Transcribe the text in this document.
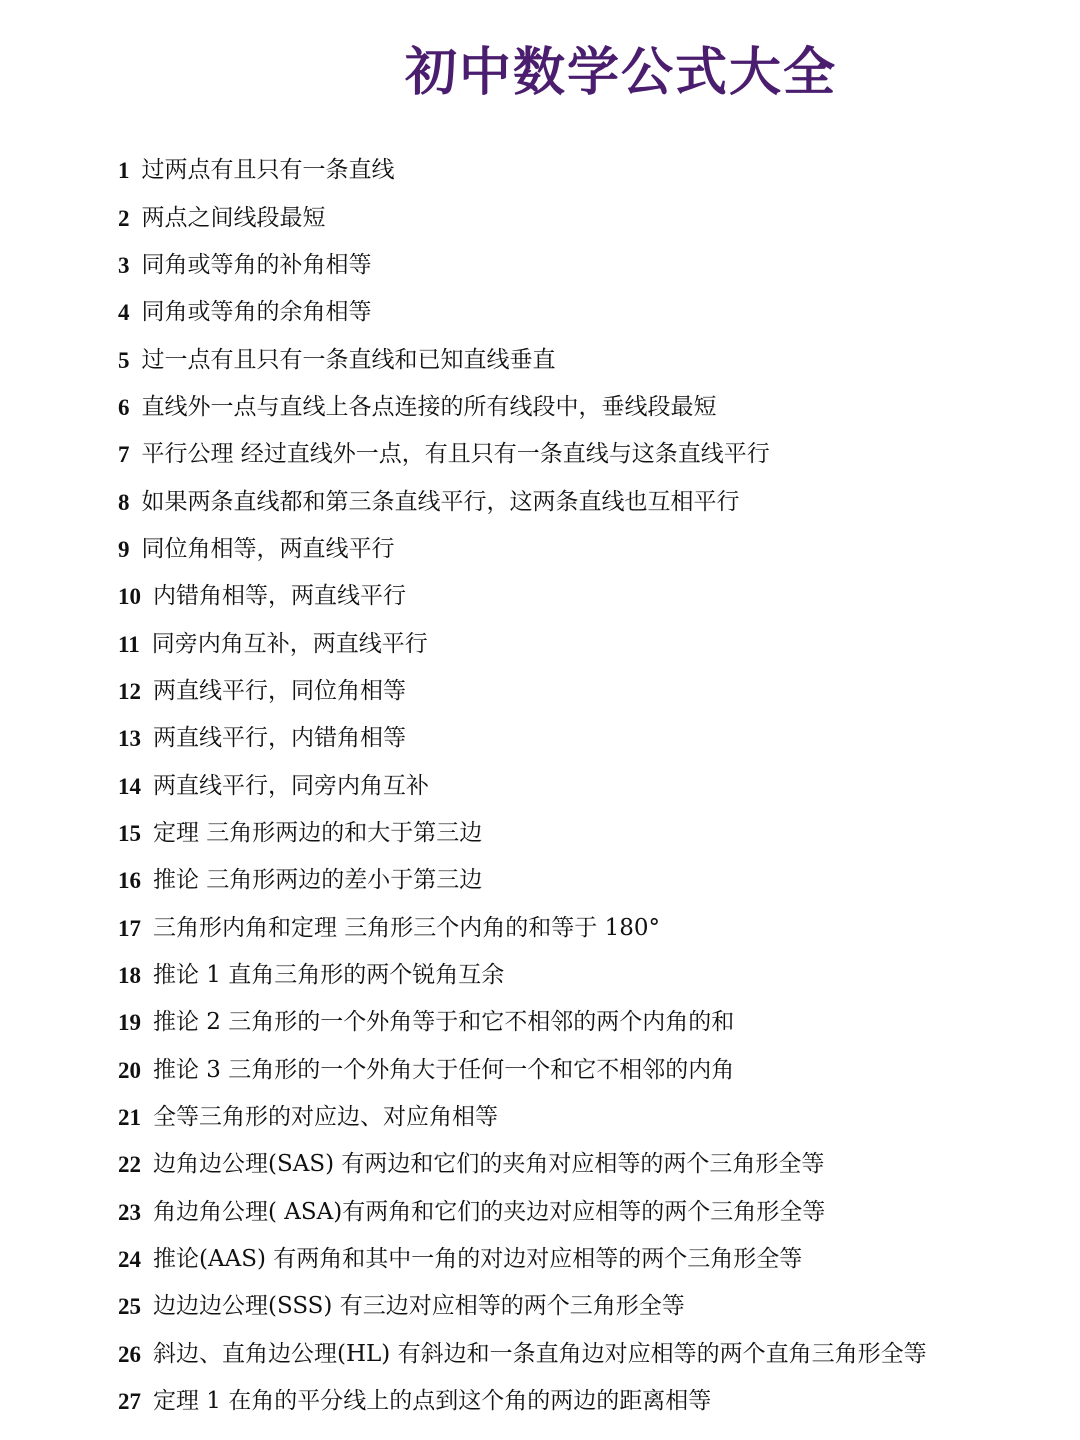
初中数学公式大全
1 过两点有且只有一条直线
2 两点之间线段最短
3 同角或等角的补角相等
4 同角或等角的余角相等
5 过一点有且只有一条直线和已知直线垂直
6 直线外一点与直线上各点连接的所有线段中，垂线段最短
7 平行公理 经过直线外一点，有且只有一条直线与这条直线平行
8 如果两条直线都和第三条直线平行，这两条直线也互相平行
9 同位角相等，两直线平行
10 内错角相等，两直线平行
11 同旁内角互补，两直线平行
12 两直线平行，同位角相等
13 两直线平行，内错角相等
14 两直线平行，同旁内角互补
15 定理 三角形两边的和大于第三边
16 推论 三角形两边的差小于第三边
17 三角形内角和定理 三角形三个内角的和等于 180°
18 推论 1 直角三角形的两个锐角互余
19 推论 2 三角形的一个外角等于和它不相邻的两个内角的和
20 推论 3 三角形的一个外角大于任何一个和它不相邻的内角
21 全等三角形的对应边、对应角相等
22 边角边公理(SAS) 有两边和它们的夹角对应相等的两个三角形全等
23 角边角公理( ASA)有两角和它们的夹边对应相等的两个三角形全等
24 推论(AAS) 有两角和其中一角的对边对应相等的两个三角形全等
25 边边边公理(SSS) 有三边对应相等的两个三角形全等
26 斜边、直角边公理(HL) 有斜边和一条直角边对应相等的两个直角三角形全等
27 定理 1 在角的平分线上的点到这个角的两边的距离相等
